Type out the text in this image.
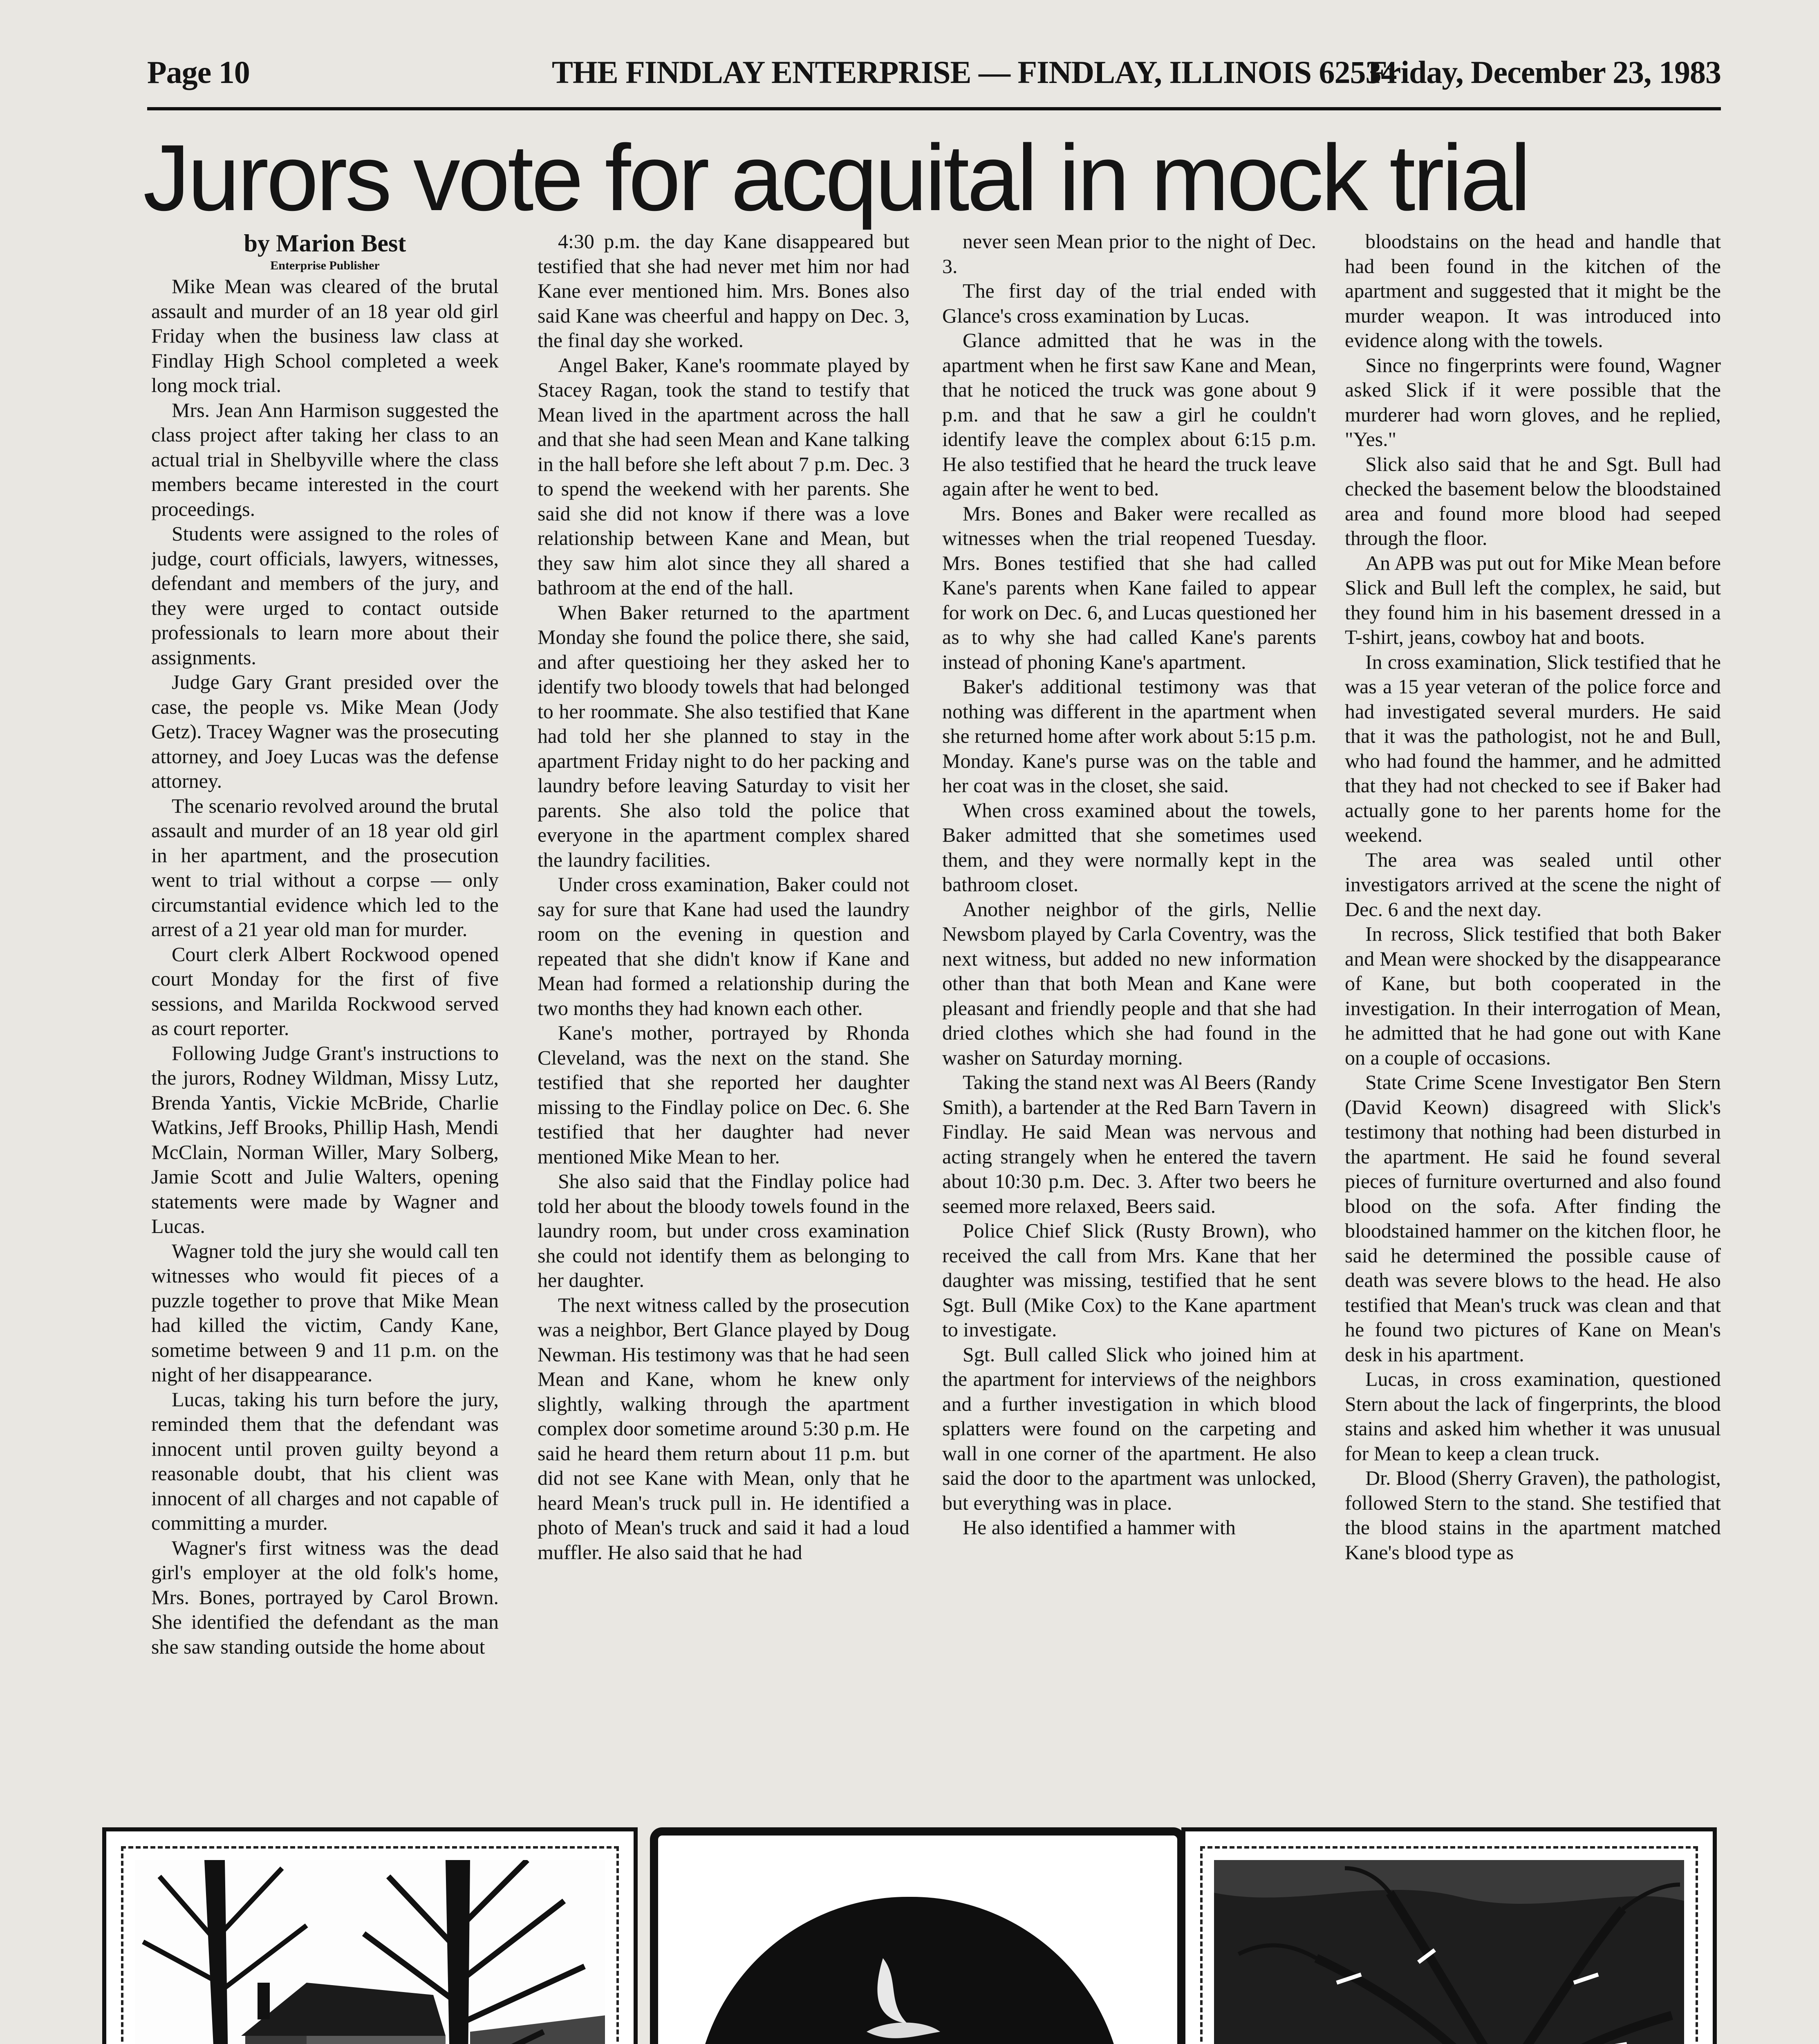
Page 10	THE FINDLAY ENTERPRISE — FINDLAY, ILLINOIS 62534
Friday, December 23, 1983
Jurors vote for acquital in mock trial

by Marion Best

Enterprise Publisher

Mike Mean was cleared of the brutal assault and murder of an 18 year old girl Friday when the business law class at Findlay High School completed a week long mock trial.

Mrs. Jean Ann Harmison suggested the class project after taking her class to an actual trial in Shelbyville where the class members became interested in the court proceedings.

Students were assigned to the roles of judge, court officials, lawyers, witnesses, defendant and members of the jury, and they were urged to contact outside professionals to learn more about their assignments.

Judge Gary Grant presided over the case, the people vs. Mike Mean (Jody Getz). Tracey Wagner was the prosecuting attorney, and Joey Lucas was the defense attorney.

The scenario revolved around the brutal assault and murder of an 18 year old girl in her apartment, and the prosecution went to trial without a corpse — only circumstantial evidence which led to the arrest of a 21 year old man for murder.

Court clerk Albert Rockwood opened court Monday for the first of five sessions, and Marilda Rockwood served as court reporter.

Following Judge Grant's instructions to the jurors, Rodney Wildman, Missy Lutz, Brenda Yantis, Vickie McBride, Charlie Watkins, Jeff Brooks, Phillip Hash, Mendi McClain, Norman Willer, Mary Solberg, Jamie Scott and Julie Walters, opening statements were made by Wagner and Lucas.

Wagner told the jury she would call ten witnesses who would fit pieces of a puzzle together to prove that Mike Mean had killed the victim, Candy Kane, sometime between 9 and 11 p.m. on the night of her disappearance.

Lucas, taking his turn before the jury, reminded them that the defendant was innocent until proven guilty beyond a reasonable doubt, that his client was innocent of all charges and not capable of committing a murder.

Wagner's first witness was the dead girl's employer at the old folk's home, Mrs. Bones, portrayed by Carol Brown. She identified the defendant as the man she saw standing outside the home about

4:30 p.m. the day Kane disappeared but testified that she had never met him nor had Kane ever mentioned him. Mrs. Bones also said Kane was cheerful and happy on Dec. 3, the final day she worked.

Angel Baker, Kane's roommate played by Stacey Ragan, took the stand to testify that Mean lived in the apartment across the hall and that she had seen Mean and Kane talking in the hall before she left about 7 p.m. Dec. 3 to spend the weekend with her parents. She said she did not know if there was a love relationship between Kane and Mean, but they saw him alot since they all shared a bathroom at the end of the hall.

When Baker returned to the apartment Monday she found the police there, she said, and after questioing her they asked her to identify two bloody towels that had belonged to her roommate. She also testified that Kane had told her she planned to stay in the apartment Friday night to do her packing and laundry before leaving Saturday to visit her parents. She also told the police that everyone in the apartment complex shared the laundry facilities.

Under cross examination, Baker could not say for sure that Kane had used the laundry room on the evening in question and repeated that she didn't know if Kane and Mean had formed a relationship during the two months they had known each other.

Kane's mother, portrayed by Rhonda Cleveland, was the next on the stand. She testified that she reported her daughter missing to the Findlay police on Dec. 6. She testified that her daughter had never mentioned Mike Mean to her.

She also said that the Findlay police had told her about the bloody towels found in the laundry room, but under cross examination she could not identify them as belonging to her daughter.

The next witness called by the prosecution was a neighbor, Bert Glance played by Doug Newman. His testimony was that he had seen Mean and Kane, whom he knew only slightly, walking through the apartment complex door sometime around 5:30 p.m. He said he heard them return about 11 p.m. but did not see Kane with Mean, only that he heard Mean's truck pull in. He identified a photo of Mean's truck and said it had a loud muffler. He also said that he had

never seen Mean prior to the night of Dec. 3.

The first day of the trial ended with Glance's cross examination by Lucas.

Glance admitted that he was in the apartment when he first saw Kane and Mean, that he noticed the truck was gone about 9 p.m. and that he saw a girl he couldn't identify leave the complex about 6:15 p.m. He also testified that he heard the truck leave again after he went to bed.

Mrs. Bones and Baker were recalled as witnesses when the trial reopened Tuesday. Mrs. Bones testified that she had called Kane's parents when Kane failed to appear for work on Dec. 6, and Lucas questioned her as to why she had called Kane's parents instead of phoning Kane's apartment.

Baker's additional testimony was that nothing was different in the apartment when she returned home after work about 5:15 p.m. Monday. Kane's purse was on the table and her coat was in the closet, she said.

When cross examined about the towels, Baker admitted that she sometimes used them, and they were normally kept in the bathroom closet.

Another neighbor of the girls, Nellie Newsbom played by Carla Coventry, was the next witness, but added no new information other than that both Mean and Kane were pleasant and friendly people and that she had dried clothes which she had found in the washer on Saturday morning.

Taking the stand next was Al Beers (Randy Smith), a bartender at the Red Barn Tavern in Findlay. He said Mean was nervous and acting strangely when he entered the tavern about 10:30 p.m. Dec. 3. After two beers he seemed more relaxed, Beers said.

Police Chief Slick (Rusty Brown), who received the call from Mrs. Kane that her daughter was missing, testified that he sent Sgt. Bull (Mike Cox) to the Kane apartment to investigate.

Sgt. Bull called Slick who joined him at the apartment for interviews of the neighbors and a further investigation in which blood splatters were found on the carpeting and wall in one corner of the apartment. He also said the door to the apartment was unlocked, but everything was in place.

He also identified a hammer with

bloodstains on the head and handle that had been found in the kitchen of the apartment and suggested that it might be the murder weapon. It was introduced into evidence along with the towels.

Since no fingerprints were found, Wagner asked Slick if it were possible that the murderer had worn gloves, and he replied, "Yes."

Slick also said that he and Sgt. Bull had checked the basement below the bloodstained area and found more blood had seeped through the floor.

An APB was put out for Mike Mean before Slick and Bull left the complex, he said, but they found him in his basement dressed in a T-shirt, jeans, cowboy hat and boots.

In cross examination, Slick testified that he was a 15 year veteran of the police force and had investigated several murders. He said that it was the pathologist, not he and Bull, who had found the hammer, and he admitted that they had not checked to see if Baker had actually gone to her parents home for the weekend.

The area was sealed until other investigators arrived at the scene the night of Dec. 6 and the next day.

In recross, Slick testified that both Baker and Mean were shocked by the disappearance of Kane, but both cooperated in the investigation. In their interrogation of Mean, he admitted that he had gone out with Kane on a couple of occasions.

State Crime Scene Investigator Ben Stern (David Keown) disagreed with Slick's testimony that nothing had been disturbed in the apartment. He said he found several pieces of furniture overturned and also found blood on the sofa. After finding the bloodstained hammer on the kitchen floor, he said he determined the possible cause of death was severe blows to the head. He also testified that Mean's truck was clean and that he found two pictures of Kane on Mean's desk in his apartment.

Lucas, in cross examination, questioned Stern about the lack of fingerprints, the blood stains and asked him whether it was unusual for Mean to keep a clean truck.

Dr. Blood (Sherry Graven), the pathologist, followed Stern to the stand. She testified that the blood stains in the apartment matched Kane's blood type as
